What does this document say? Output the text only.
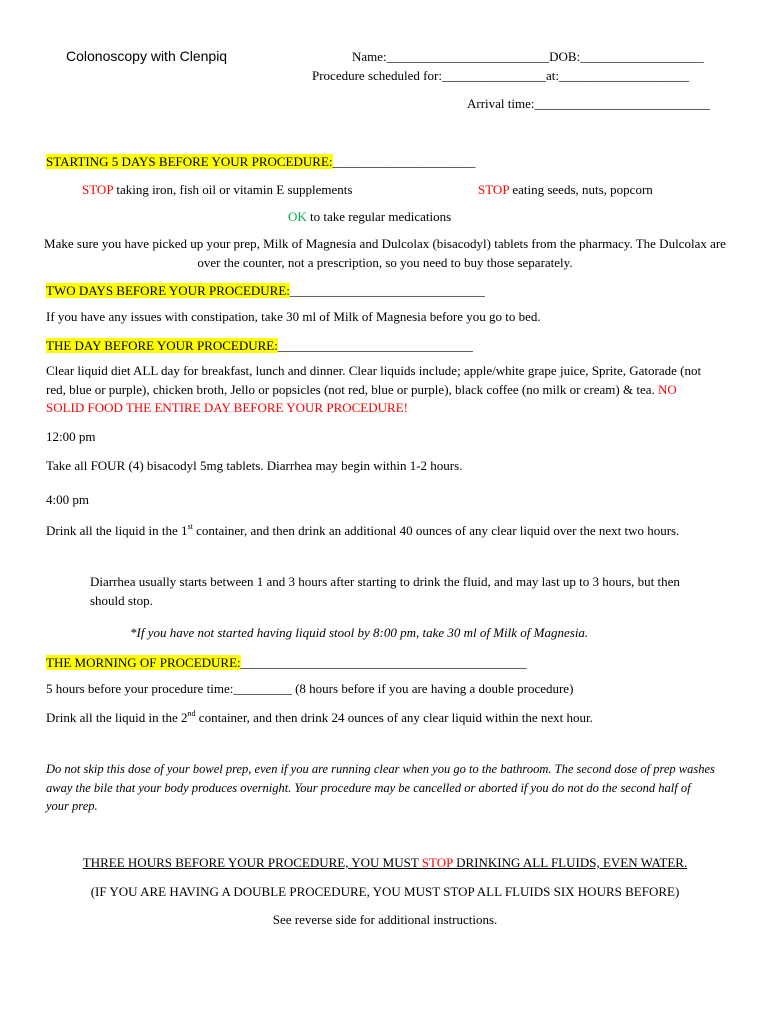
Colonoscopy with Clenpiq	Name:_________________________DOB:___________________
Procedure scheduled for:________________at:____________________
Arrival time:___________________________
STARTING 5 DAYS BEFORE YOUR PROCEDURE:______________________
STOP taking iron, fish oil or vitamin E supplements	STOP eating seeds, nuts, popcorn
OK to take regular medications
Make sure you have picked up your prep, Milk of Magnesia and Dulcolax (bisacodyl) tablets from the pharmacy. The Dulcolax are over the counter, not a prescription, so you need to buy those separately.
TWO DAYS BEFORE YOUR PROCEDURE:______________________________
If you have any issues with constipation, take 30 ml of Milk of Magnesia before you go to bed.
THE DAY BEFORE YOUR PROCEDURE:______________________________
Clear liquid diet ALL day for breakfast, lunch and dinner. Clear liquids include; apple/white grape juice, Sprite, Gatorade (not red, blue or purple), chicken broth, Jello or popsicles (not red, blue or purple), black coffee (no milk or cream) & tea. NO SOLID FOOD THE ENTIRE DAY BEFORE YOUR PROCEDURE!
12:00 pm
Take all FOUR (4) bisacodyl 5mg tablets. Diarrhea may begin within 1-2 hours.
4:00 pm
Drink all the liquid in the 1st container, and then drink an additional 40 ounces of any clear liquid over the next two hours.
Diarrhea usually starts between 1 and 3 hours after starting to drink the fluid, and may last up to 3 hours, but then should stop.
*If you have not started having liquid stool by 8:00 pm, take 30 ml of Milk of Magnesia.
THE MORNING OF PROCEDURE:____________________________________________
5 hours before your procedure time:_________ (8 hours before if you are having a double procedure)
Drink all the liquid in the 2nd container, and then drink 24 ounces of any clear liquid within the next hour.
Do not skip this dose of your bowel prep, even if you are running clear when you go to the bathroom. The second dose of prep washes away the bile that your body produces overnight. Your procedure may be cancelled or aborted if you do not do the second half of your prep.
THREE HOURS BEFORE YOUR PROCEDURE, YOU MUST STOP DRINKING ALL FLUIDS, EVEN WATER.
(IF YOU ARE HAVING A DOUBLE PROCEDURE, YOU MUST STOP ALL FLUIDS SIX HOURS BEFORE)
See reverse side for additional instructions.
